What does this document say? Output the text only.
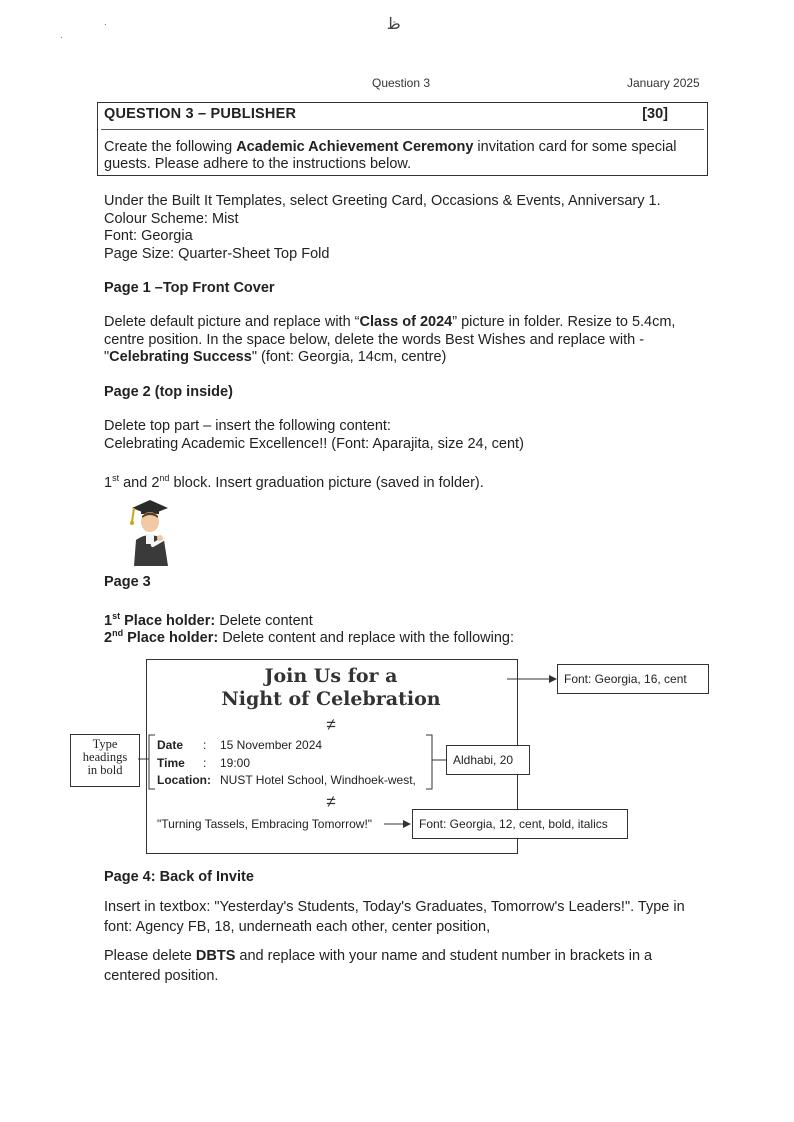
.
.
ﻇ
Question 3	January 2025
QUESTION 3 – PUBLISHER	[30]
Create the following Academic Achievement Ceremony invitation card for some special guests. Please adhere to the instructions below.
Under the Built It Templates, select Greeting Card, Occasions & Events, Anniversary 1.
Colour Scheme: Mist
Font: Georgia
Page Size: Quarter-Sheet Top Fold
Page 1 –Top Front Cover
Delete default picture and replace with “Class of 2024” picture in folder. Resize to 5.4cm, centre position. In the space below, delete the words Best Wishes and replace with - "Celebrating Success" (font: Georgia, 14cm, centre)
Page 2 (top inside)
Delete top part – insert the following content:
Celebrating Academic Excellence!! (Font: Aparajita, size 24, cent)
1st and 2nd block. Insert graduation picture (saved in folder).
Page 3
1st Place holder: Delete content
2nd Place holder: Delete content and replace with the following:
Join Us for a
Night of Celebration
≠
Date : 15 November 2024
Time : 19:00
Location: NUST Hotel School, Windhoek-west,
≠
"Turning Tassels, Embracing Tomorrow!"
Font: Georgia, 16, cent
Aldhabi, 20
Font: Georgia, 12, cent, bold, italics
Type
headings
in bold
Page 4: Back of Invite
Insert in textbox: "Yesterday's Students, Today's Graduates, Tomorrow's Leaders!". Type in font: Agency FB, 18, underneath each other, center position,
Please delete DBTS and replace with your name and student number in brackets in a centered position.
